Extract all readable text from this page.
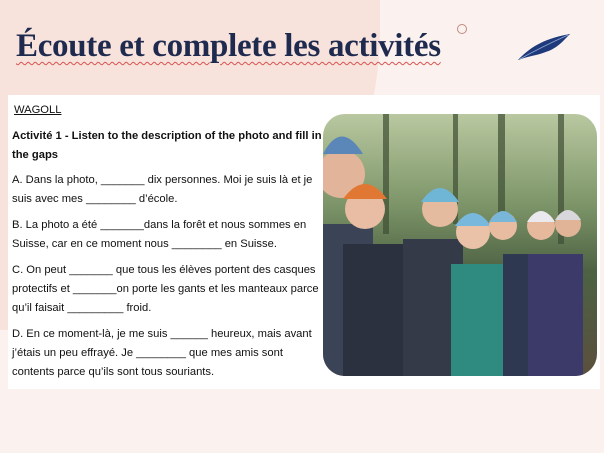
Écoute et complete les activités
WAGOLL
Activité 1 - Listen to the description of the photo and fill in the gaps
A. Dans la photo, _______ dix personnes. Moi je suis là et je suis avec mes ________ d’école.
B. La photo a été _______dans la forêt et nous sommes en Suisse, car en ce moment nous ________ en Suisse.
C. On peut _______ que tous les élèves portent des casques protectifs et _______on porte les gants et les manteaux parce qu’il faisait _________ froid.
D. En ce moment-là, je me suis ______ heureux, mais avant j’étais un peu effrayé. Je ________ que mes amis sont contents parce qu’ils sont tous souriants.
